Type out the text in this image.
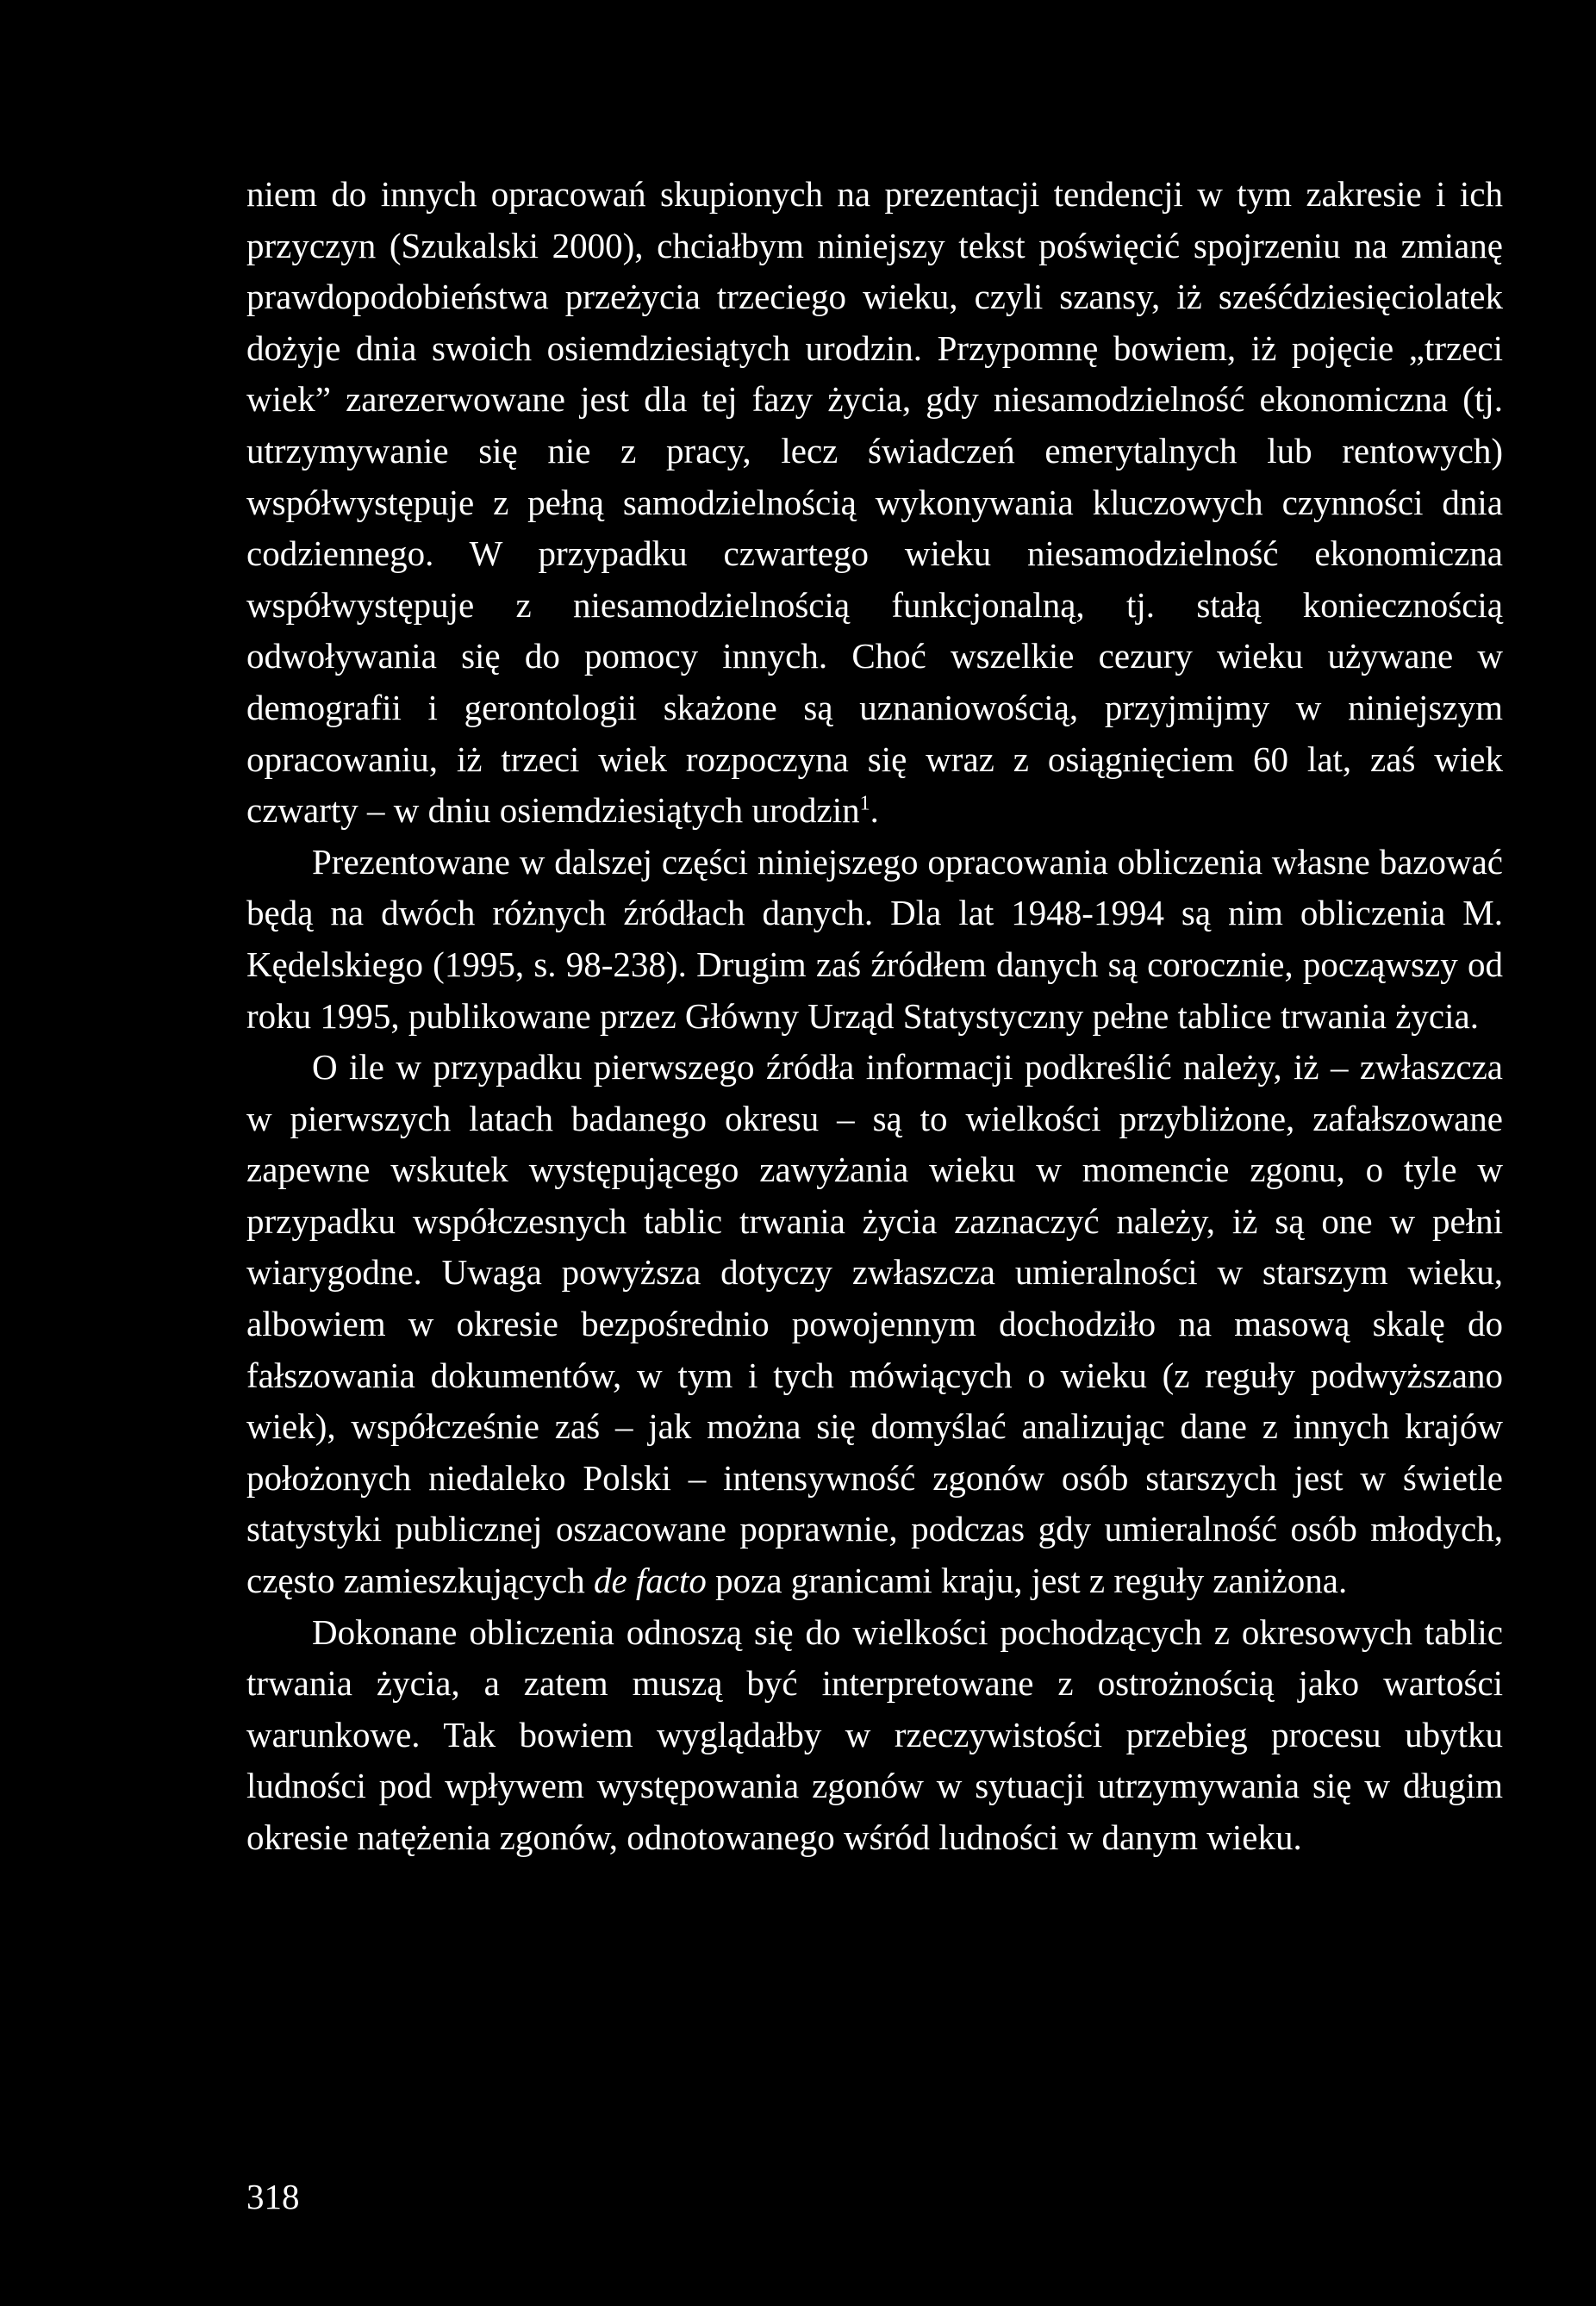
niem do innych opracowań skupionych na prezentacji tendencji w tym zakresie i ich przyczyn (Szukalski 2000), chciałbym niniejszy tekst poświęcić spojrzeniu na zmianę prawdopodobieństwa przeżycia trzeciego wieku, czyli szansy, iż sześćdziesięciolatek dożyje dnia swoich osiemdziesiątych urodzin. Przypomnę bowiem, iż pojęcie „trzeci wiek” zarezerwowane jest dla tej fazy życia, gdy niesamodzielność ekonomiczna (tj. utrzymywanie się nie z pracy, lecz świadczeń emerytalnych lub rentowych) współwystępuje z pełną samodzielnością wykonywania kluczowych czynności dnia codziennego. W przypadku czwartego wieku niesamodzielność ekonomiczna współwystępuje z niesamodzielnością funkcjonalną, tj. stałą koniecznością odwoływania się do pomocy innych. Choć wszelkie cezury wieku używane w demografii i gerontologii skażone są uznaniowością, przyjmijmy w niniejszym opracowaniu, iż trzeci wiek rozpoczyna się wraz z osiągnięciem 60 lat, zaś wiek czwarty – w dniu osiemdziesiątych urodzin$^1$.

Prezentowane w dalszej części niniejszego opracowania obliczenia własne bazować będą na dwóch różnych źródłach danych. Dla lat 1948-1994 są nim obliczenia M. Kędelskiego (1995, s. 98-238). Drugim zaś źródłem danych są corocznie, począwszy od roku 1995, publikowane przez Główny Urząd Statystyczny pełne tablice trwania życia.

O ile w przypadku pierwszego źródła informacji podkreślić należy, iż – zwłaszcza w pierwszych latach badanego okresu – są to wielkości przybliżone, zafałszowane zapewne wskutek występującego zawyżania wieku w momencie zgonu, o tyle w przypadku współczesnych tablic trwania życia zaznaczyć należy, iż są one w pełni wiarygodne. Uwaga powyższa dotyczy zwłaszcza umieralności w starszym wieku, albowiem w okresie bezpośrednio powojennym dochodziło na masową skalę do fałszowania dokumentów, w tym i tych mówiących o wieku (z reguły podwyższano wiek), współcześnie zaś – jak można się domyślać analizując dane z innych krajów położonych niedaleko Polski – intensywność zgonów osób starszych jest w świetle statystyki publicznej oszacowane poprawnie, podczas gdy umieralność osób młodych, często zamieszkujących de facto poza granicami kraju, jest z reguły zaniżona.

Dokonane obliczenia odnoszą się do wielkości pochodzących z okresowych tablic trwania życia, a zatem muszą być interpretowane z ostrożnością jako wartości warunkowe. Tak bowiem wyglądałby w rzeczywistości przebieg procesu ubytku ludności pod wpływem występowania zgonów w sytuacji utrzymywania się w długim okresie natężenia zgonów, odnotowanego wśród ludności w danym wieku.

318
